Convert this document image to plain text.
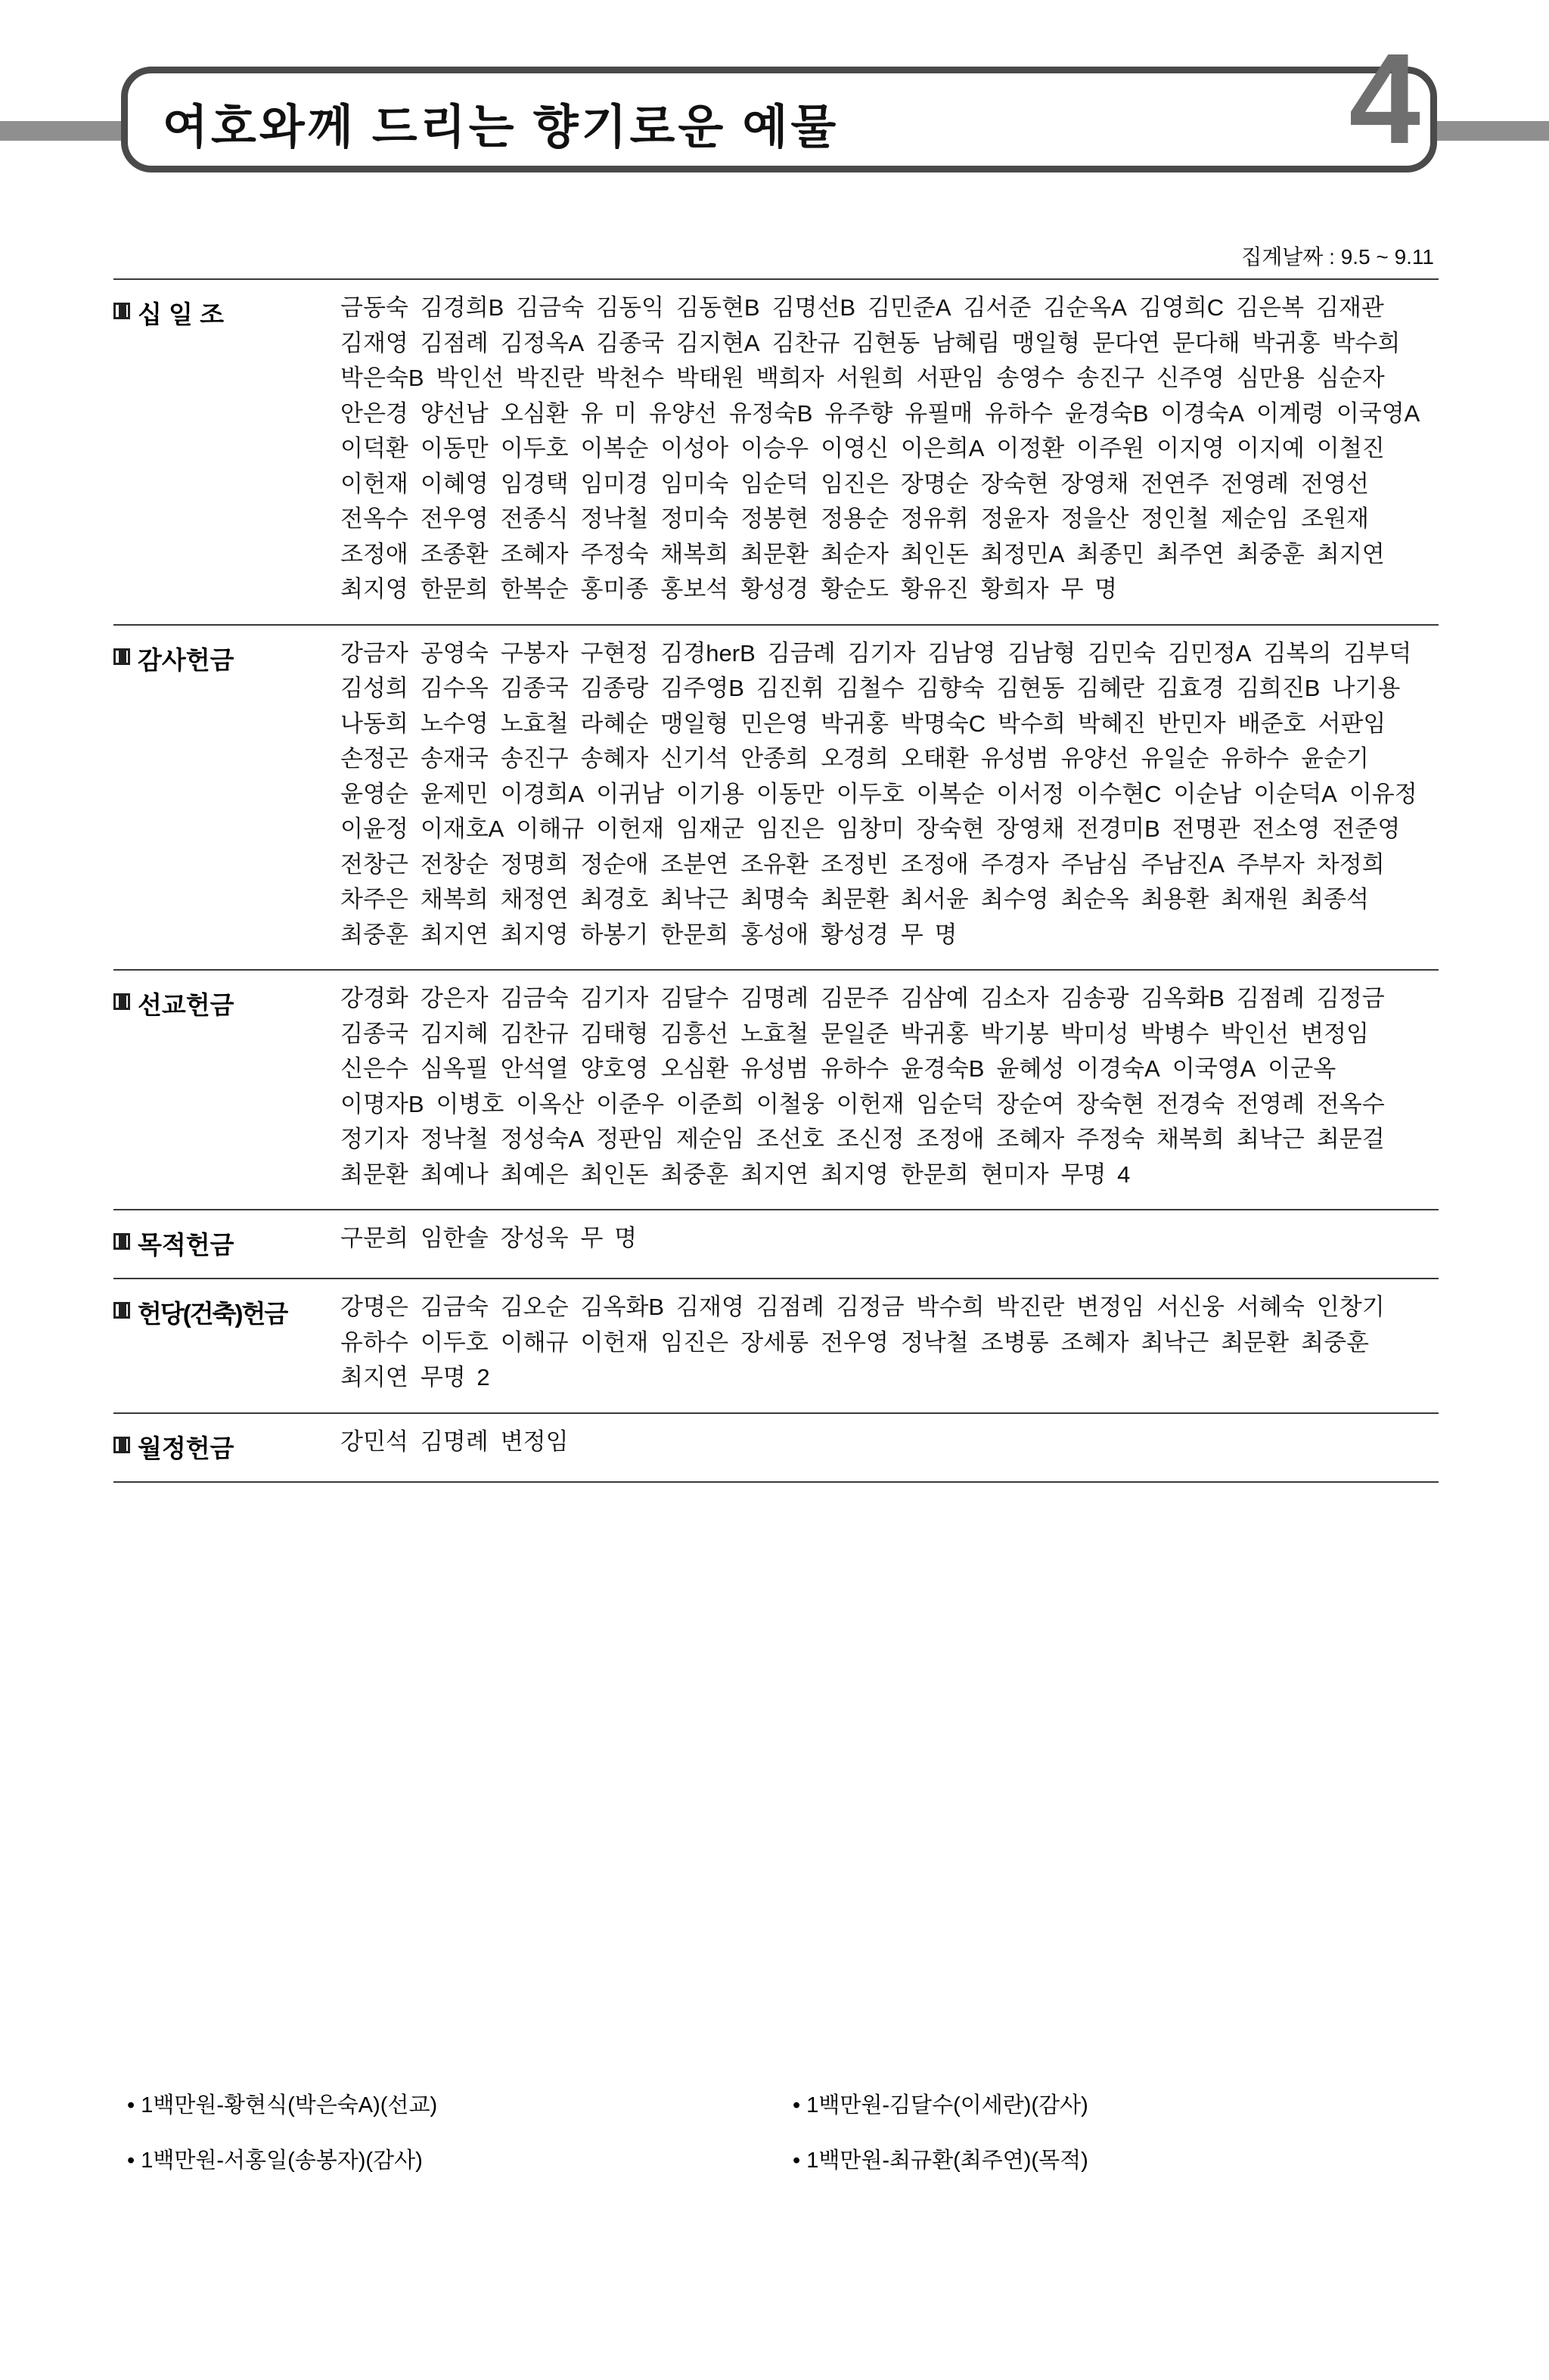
4
여호와께 드리는 향기로운 예물
집계날짜 : 9.5 ~ 9.11
십 일 조	금동숙 김경희B 김금숙 김동익 김동현B 김명선B 김민준A 김서준 김순옥A 김영희C 김은복 김재관김재영 김점례 김정옥A 김종국 김지현A 김찬규 김현동 남혜림 맹일형 문다연 문다해 박귀홍 박수희박은숙B 박인선 박진란 박천수 박태원 백희자 서원희 서판임 송영수 송진구 신주영 심만용 심순자안은경 양선남 오심환 유 미 유양선 유정숙B 유주향 유필매 유하수 윤경숙B 이경숙A 이계령 이국영A이덕환 이동만 이두호 이복순 이성아 이승우 이영신 이은희A 이정환 이주원 이지영 이지예 이철진이헌재 이혜영 임경택 임미경 임미숙 임순덕 임진은 장명순 장숙현 장영채 전연주 전영례 전영선전옥수 전우영 전종식 정낙철 정미숙 정봉현 정용순 정유휘 정윤자 정을산 정인철 제순임 조원재조정애 조종환 조혜자 주정숙 채복희 최문환 최순자 최인돈 최정민A 최종민 최주연 최중훈 최지연최지영 한문희 한복순 홍미종 홍보석 황성경 황순도 황유진 황희자 무 명
감사헌금	강금자 공영숙 구봉자 구현정 김경herB 김금례 김기자 김남영 김남형 김민숙 김민정A 김복의 김부덕김성희 김수옥 김종국 김종랑 김주영B 김진휘 김철수 김향숙 김현동 김혜란 김효경 김희진B 나기용나동희 노수영 노효철 라혜순 맹일형 민은영 박귀홍 박명숙C 박수희 박혜진 반민자 배준호 서판임손정곤 송재국 송진구 송혜자 신기석 안종희 오경희 오태환 유성범 유양선 유일순 유하수 윤순기윤영순 윤제민 이경희A 이귀남 이기용 이동만 이두호 이복순 이서정 이수현C 이순남 이순덕A 이유정이윤정 이재호A 이해규 이헌재 임재군 임진은 임창미 장숙현 장영채 전경미B 전명관 전소영 전준영전창근 전창순 정명희 정순애 조분연 조유환 조정빈 조정애 주경자 주남심 주남진A 주부자 차정희차주은 채복희 채정연 최경호 최낙근 최명숙 최문환 최서윤 최수영 최순옥 최용환 최재원 최종석최중훈 최지연 최지영 하봉기 한문희 홍성애 황성경 무 명
선교헌금	강경화 강은자 김금숙 김기자 김달수 김명례 김문주 김삼예 김소자 김송광 김옥화B 김점례 김정금김종국 김지혜 김찬규 김태형 김흥선 노효철 문일준 박귀홍 박기봉 박미성 박병수 박인선 변정임신은수 심옥필 안석열 양호영 오심환 유성범 유하수 윤경숙B 윤혜성 이경숙A 이국영A 이군옥이명자B 이병호 이옥산 이준우 이준희 이철웅 이헌재 임순덕 장순여 장숙현 전경숙 전영례 전옥수정기자 정낙철 정성숙A 정판임 제순임 조선호 조신정 조정애 조혜자 주정숙 채복희 최낙근 최문걸최문환 최예나 최예은 최인돈 최중훈 최지연 최지영 한문희 현미자 무명 4
목적헌금	구문희 임한솔 장성욱 무 명
헌당(건축)헌금 강명은 김금숙 김오순 김옥화B 김재영 김점례 김정금 박수희 박진란 변정임 서신웅 서혜숙 인창기유하수 이두호 이해규 이헌재 임진은 장세롱 전우영 정낙철 조병롱 조혜자 최낙근 최문환 최중훈최지연 무명 2
월정헌금	강민석 김명례 변정임
• 1백만원-황현식(박은숙A)(선교)	• 1백만원-김달수(이세란)(감사)
• 1백만원-서홍일(송봉자)(감사)	• 1백만원-최규환(최주연)(목적)
